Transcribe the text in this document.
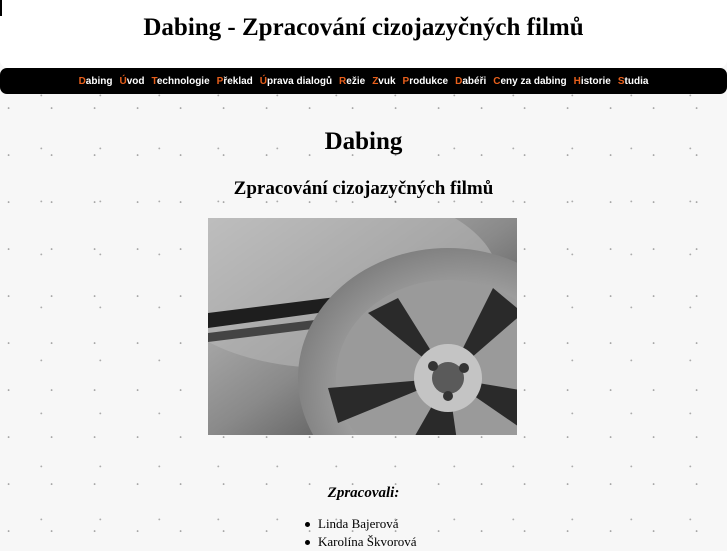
Dabing - Zpracování cizojazyčných filmů
Dabing Úvod Technologie Překlad Úprava dialogů Režie Zvuk Produkce Dabéři Ceny za dabing Historie Studia
Dabing
Zpracování cizojazyčných filmů

Zpracovali:

Linda Bajerová
Karolína Škvorová
